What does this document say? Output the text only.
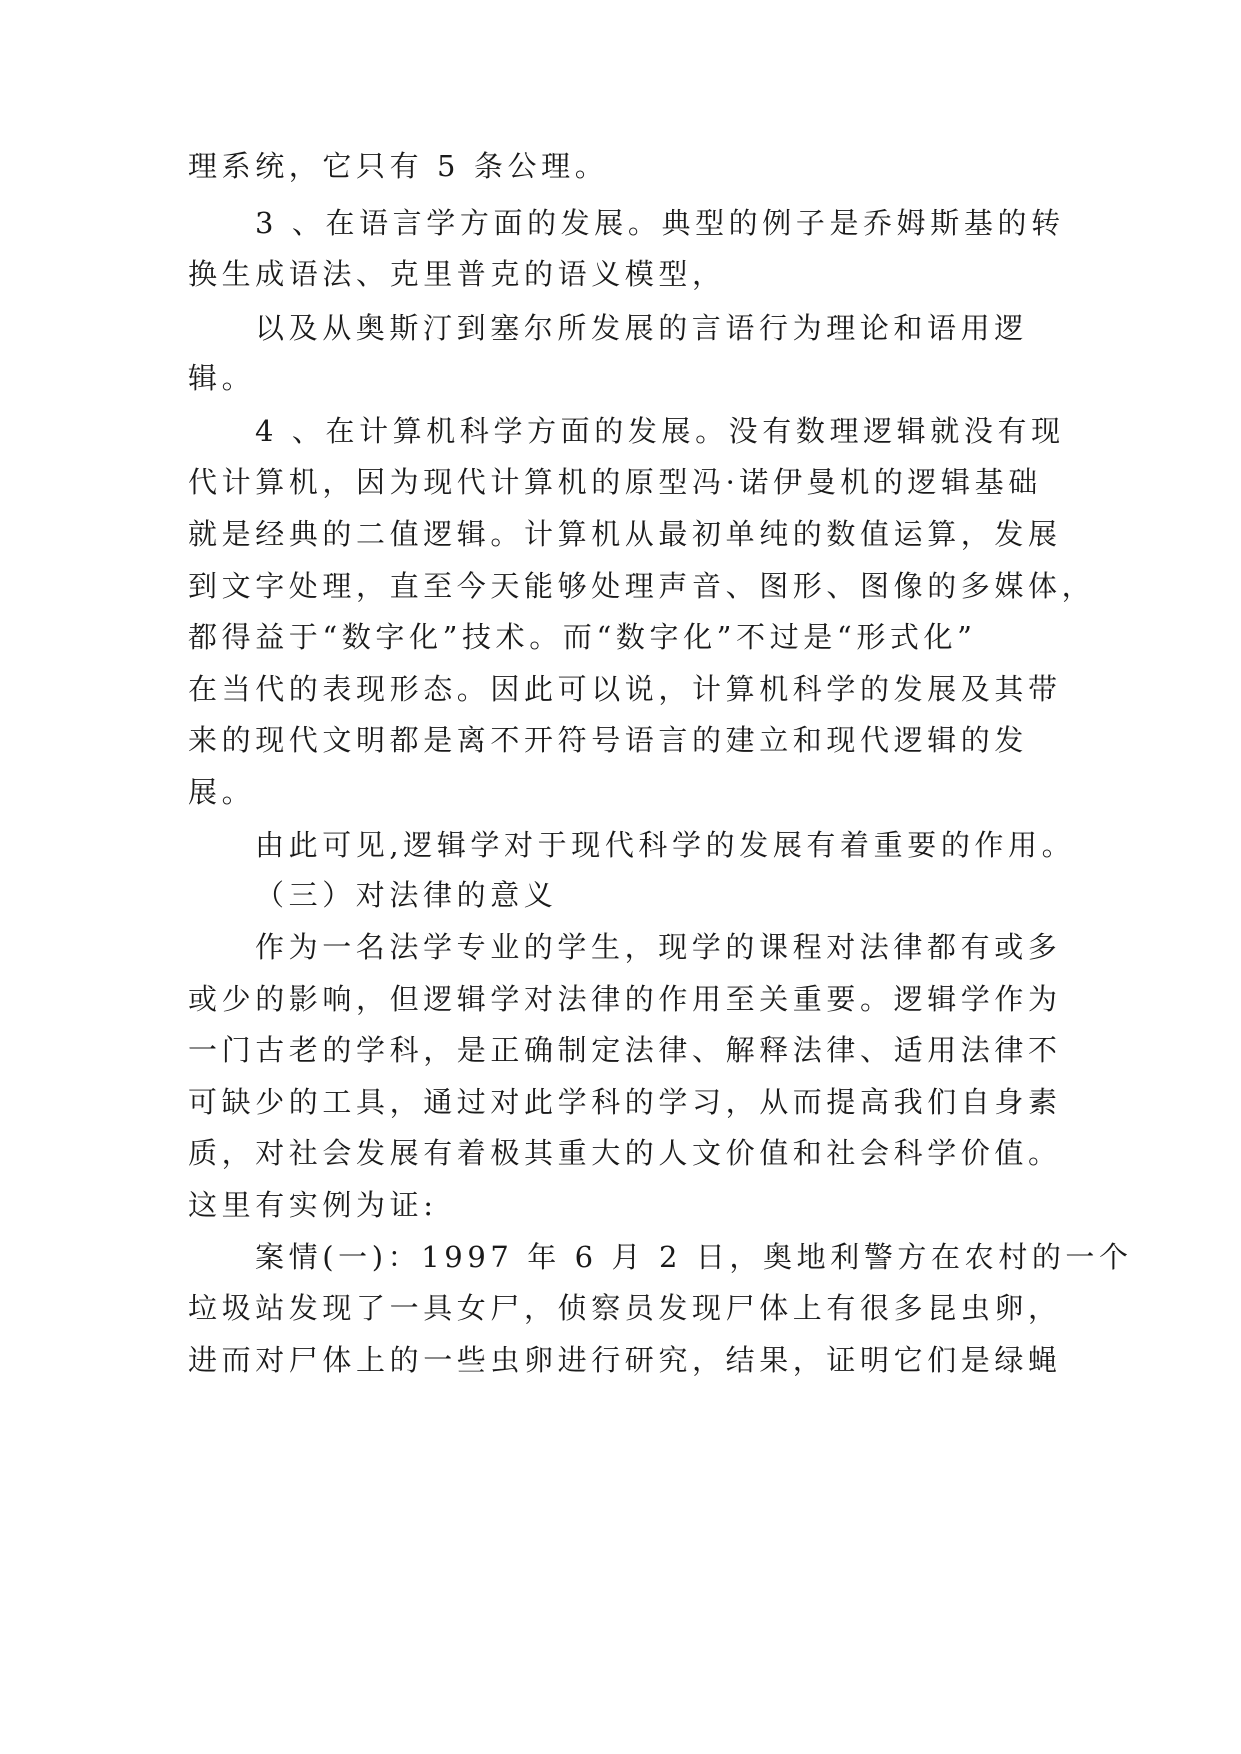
理系统，它只有 5 条公理。
3 、在语言学方面的发展。典型的例子是乔姆斯基的转
换生成语法、克里普克的语义模型，
以及从奥斯汀到塞尔所发展的言语行为理论和语用逻
辑。
4 、在计算机科学方面的发展。没有数理逻辑就没有现
代计算机，因为现代计算机的原型冯·诺伊曼机的逻辑基础
就是经典的二值逻辑。计算机从最初单纯的数值运算，发展
到文字处理，直至今天能够处理声音、图形、图像的多媒体，
都得益于“数字化”技术。而“数字化”不过是“形式化”
在当代的表现形态。因此可以说，计算机科学的发展及其带
来的现代文明都是离不开符号语言的建立和现代逻辑的发
展。
由此可见,逻辑学对于现代科学的发展有着重要的作用。
（三）对法律的意义
作为一名法学专业的学生，现学的课程对法律都有或多
或少的影响，但逻辑学对法律的作用至关重要。逻辑学作为
一门古老的学科，是正确制定法律、解释法律、适用法律不
可缺少的工具，通过对此学科的学习，从而提高我们自身素
质，对社会发展有着极其重大的人文价值和社会科学价值。
这里有实例为证:
案情(一)：1997 年 6 月 2 日，奥地利警方在农村的一个
垃圾站发现了一具女尸，侦察员发现尸体上有很多昆虫卵，
进而对尸体上的一些虫卵进行研究，结果，证明它们是绿蝇
